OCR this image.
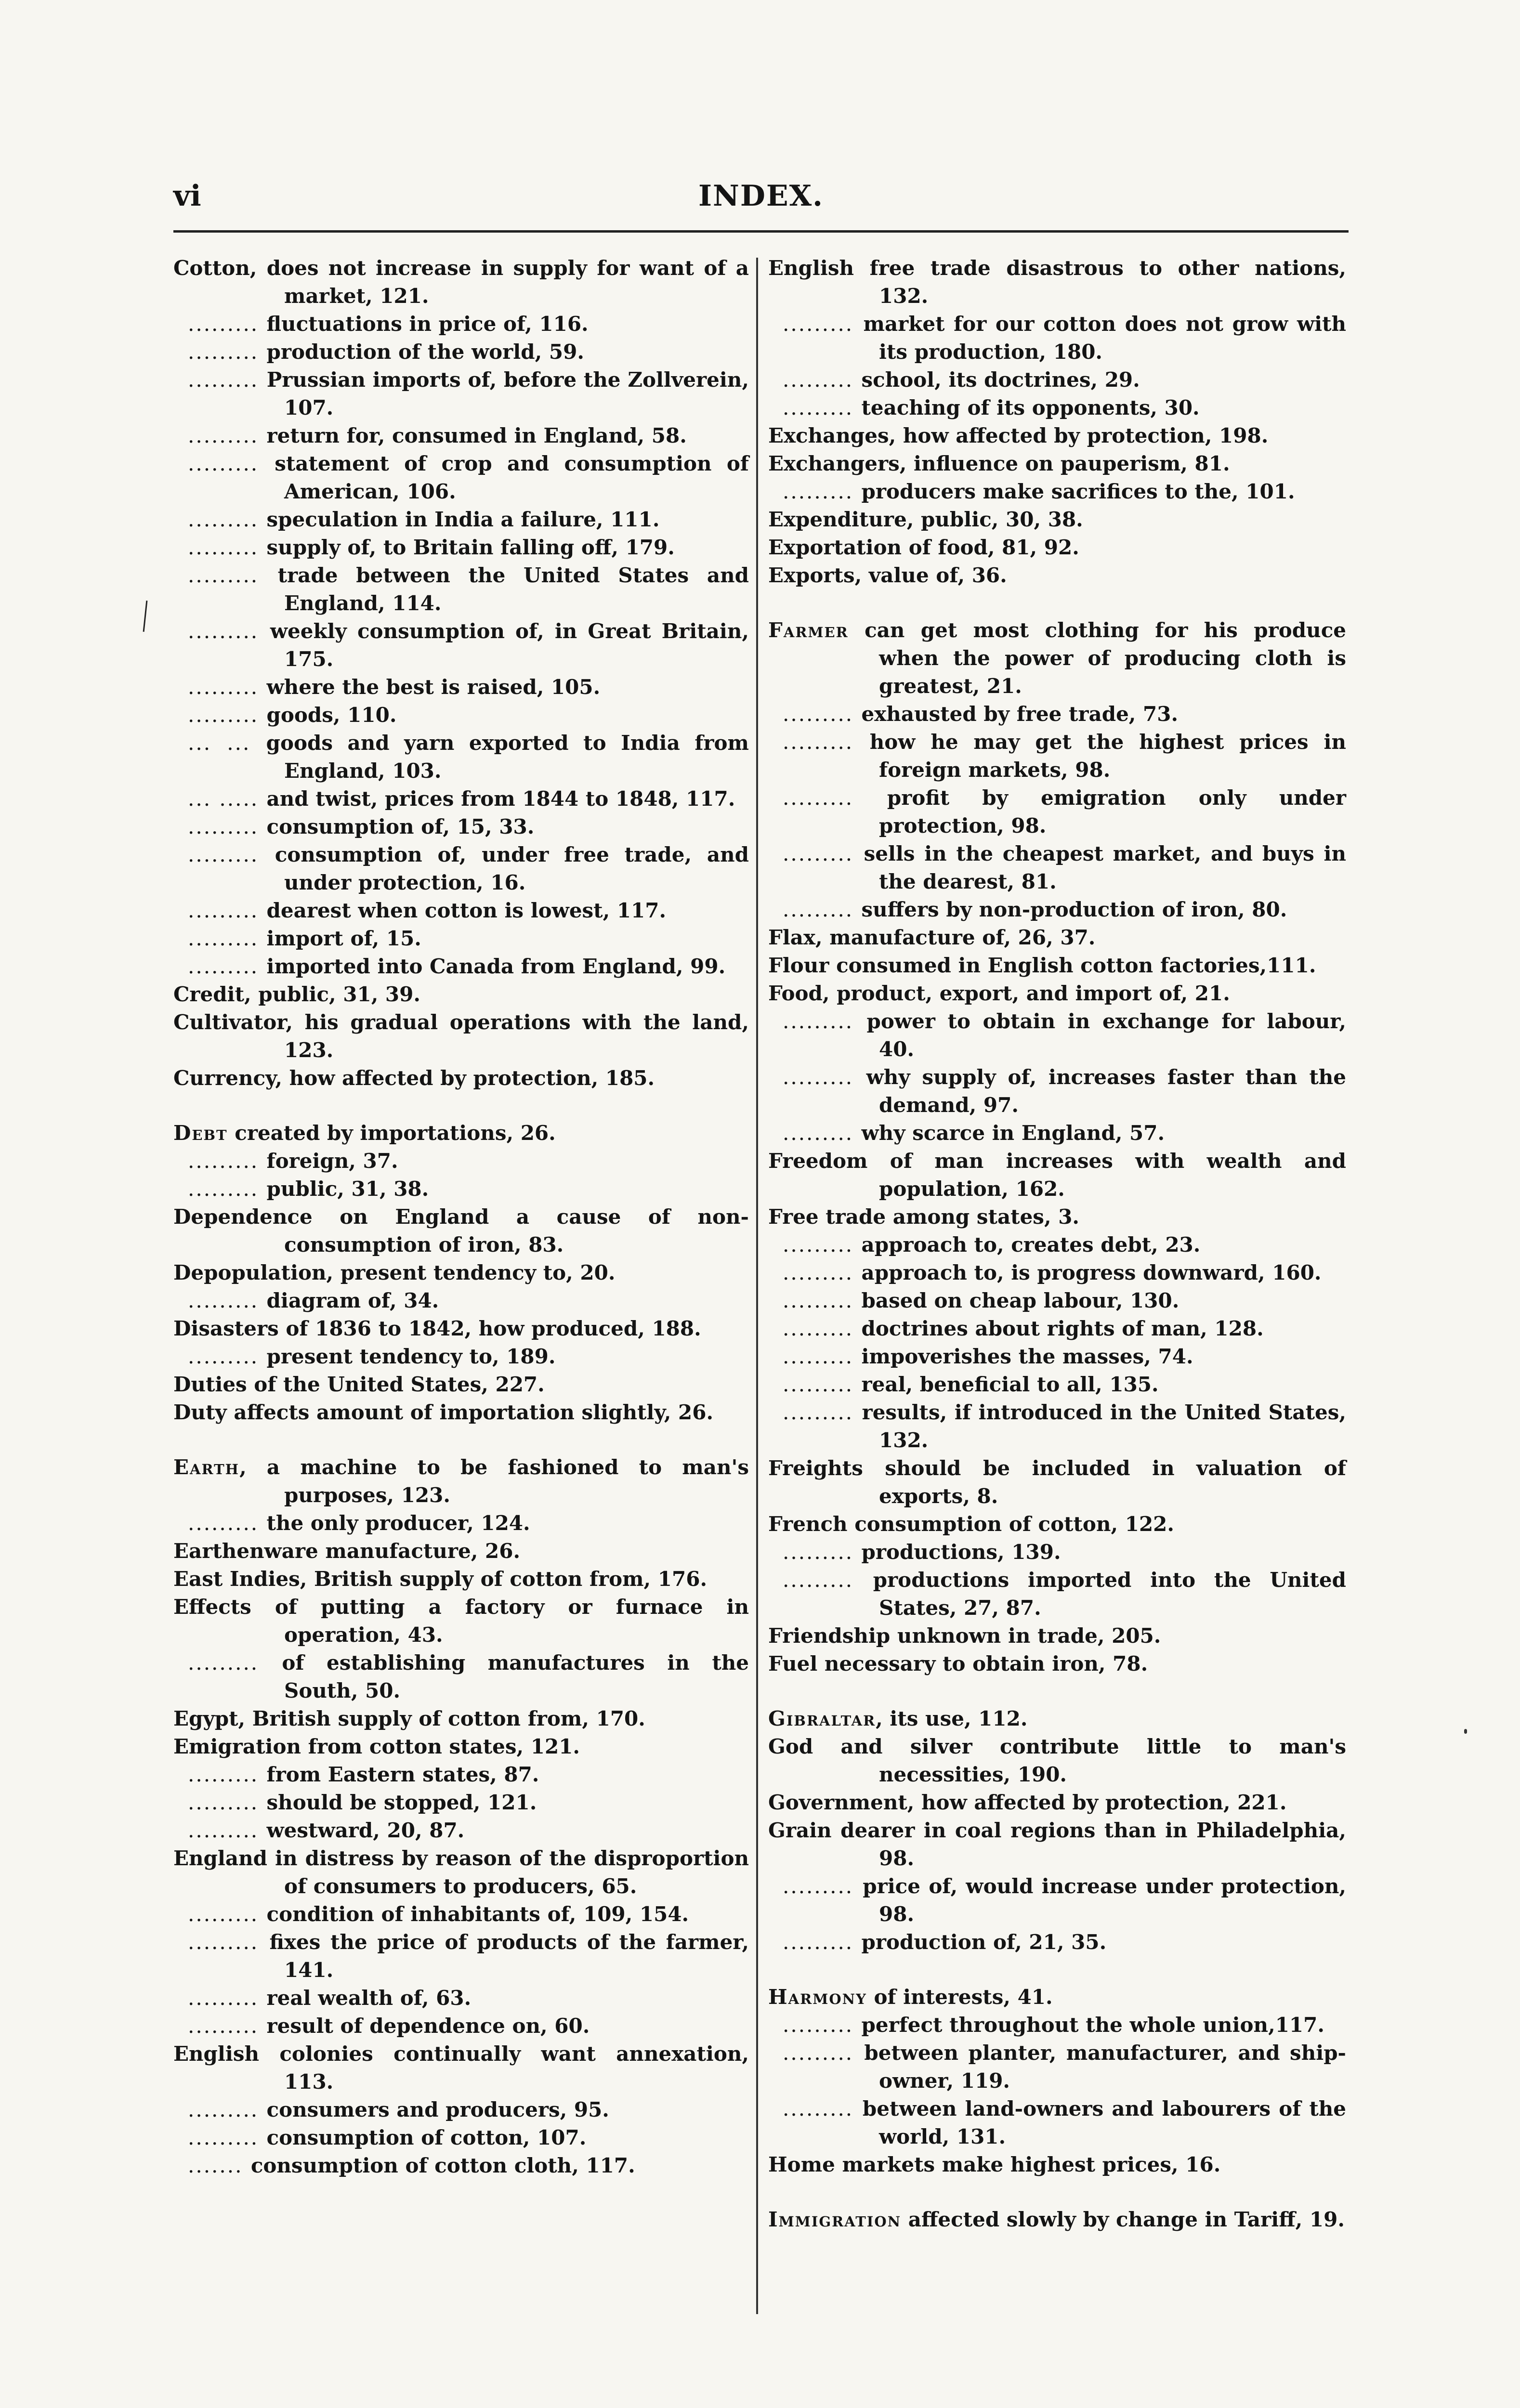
vi	INDEX.
Cotton, does not increase in supply for want of a market, 121.
......... fluctuations in price of, 116.
......... production of the world, 59.
......... Prussian imports of, before the Zollverein, 107.
......... return for, consumed in England, 58.
......... statement of crop and consumption of American, 106.
......... speculation in India a failure, 111.
......... supply of, to Britain falling off, 179.
......... trade between the United States and England, 114.
......... weekly consumption of, in Great Britain, 175.
......... where the best is raised, 105.
......... goods, 110.
... ... goods and yarn exported to India from England, 103.
... ..... and twist, prices from 1844 to 1848, 117.
......... consumption of, 15, 33.
......... consumption of, under free trade, and under protection, 16.
......... dearest when cotton is lowest, 117.
......... import of, 15.
......... imported into Canada from England, 99.
Credit, public, 31, 39.
Cultivator, his gradual operations with the land, 123.
Currency, how affected by protection, 185.
Debt created by importations, 26.
......... foreign, 37.
......... public, 31, 38.
Dependence on England a cause of non-consumption of iron, 83.
Depopulation, present tendency to, 20.
......... diagram of, 34.
Disasters of 1836 to 1842, how produced, 188.
......... present tendency to, 189.
Duties of the United States, 227.
Duty affects amount of importation slightly, 26.
Earth, a machine to be fashioned to man's purposes, 123.
......... the only producer, 124.
Earthenware manufacture, 26.
East Indies, British supply of cotton from, 176.
Effects of putting a factory or furnace in operation, 43.
......... of establishing manufactures in the South, 50.
Egypt, British supply of cotton from, 170.
Emigration from cotton states, 121.
......... from Eastern states, 87.
......... should be stopped, 121.
......... westward, 20, 87.
England in distress by reason of the disproportion of consumers to producers, 65.
......... condition of inhabitants of, 109, 154.
......... fixes the price of products of the farmer, 141.
......... real wealth of, 63.
......... result of dependence on, 60.
English colonies continually want annexation, 113.
......... consumers and producers, 95.
......... consumption of cotton, 107.
....... consumption of cotton cloth, 117.
English free trade disastrous to other nations, 132.
......... market for our cotton does not grow with its production, 180.
......... school, its doctrines, 29.
......... teaching of its opponents, 30.
Exchanges, how affected by protection, 198.
Exchangers, influence on pauperism, 81.
......... producers make sacrifices to the, 101.
Expenditure, public, 30, 38.
Exportation of food, 81, 92.
Exports, value of, 36.
Farmer can get most clothing for his produce when the power of producing cloth is greatest, 21.
......... exhausted by free trade, 73.
......... how he may get the highest prices in foreign markets, 98.
......... profit by emigration only under protection, 98.
......... sells in the cheapest market, and buys in the dearest, 81.
......... suffers by non-production of iron, 80.
Flax, manufacture of, 26, 37.
Flour consumed in English cotton factories,111.
Food, product, export, and import of, 21.
......... power to obtain in exchange for labour, 40.
......... why supply of, increases faster than the demand, 97.
......... why scarce in England, 57.
Freedom of man increases with wealth and population, 162.
Free trade among states, 3.
......... approach to, creates debt, 23.
......... approach to, is progress downward, 160.
......... based on cheap labour, 130.
......... doctrines about rights of man, 128.
......... impoverishes the masses, 74.
......... real, beneficial to all, 135.
......... results, if introduced in the United States, 132.
Freights should be included in valuation of exports, 8.
French consumption of cotton, 122.
......... productions, 139.
......... productions imported into the United States, 27, 87.
Friendship unknown in trade, 205.
Fuel necessary to obtain iron, 78.
Gibraltar, its use, 112.
God and silver contribute little to man's necessities, 190.
Government, how affected by protection, 221.
Grain dearer in coal regions than in Philadelphia, 98.
......... price of, would increase under protection, 98.
......... production of, 21, 35.
Harmony of interests, 41.
......... perfect throughout the whole union,117.
......... between planter, manufacturer, and ship-owner, 119.
......... between land-owners and labourers of the world, 131.
Home markets make highest prices, 16.
Immigration affected slowly by change in Tariff, 19.
